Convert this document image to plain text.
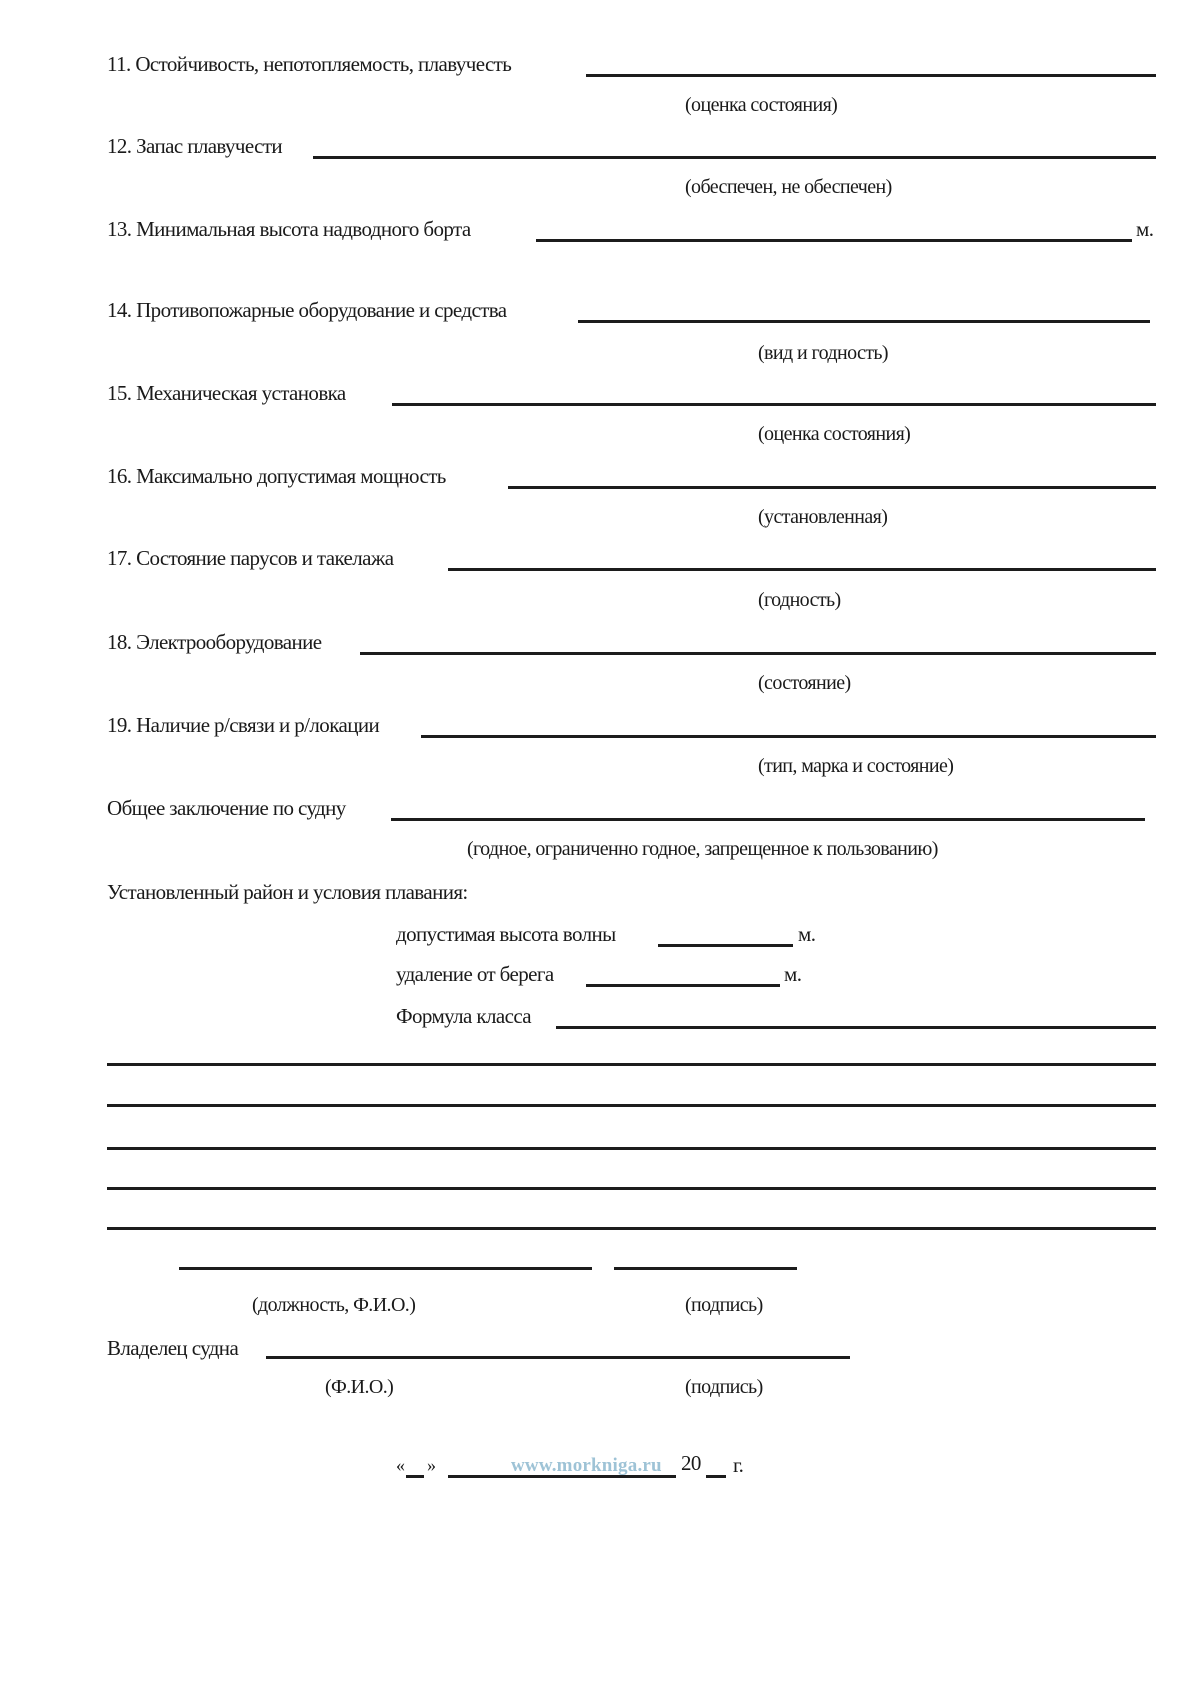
11. Остойчивость, непотопляемость, плавучесть
(оценка состояния)
12. Запас плавучести
(обеспечен, не обеспечен)
13. Минимальная высота надводного борта	м.
14. Противопожарные оборудование и средства
(вид и годность)
15. Механическая установка
(оценка состояния)
16. Максимально допустимая мощность
(установленная)
17. Состояние парусов и такелажа
(годность)
18. Электрооборудование
(состояние)
19. Наличие р/связи и р/локации
(тип, марка и состояние)
Общее заключение по судну
(годное, ограниченно годное, запрещенное к пользованию)
Установленный район и условия плавания:
допустимая высота волны	м.
удаление от берега	м.
Формула класса
(должность, Ф.И.О.)	(подпись)
Владелец судна
(Ф.И.О.)	(подпись)
« »	www.morkniga.ru 20 г.
